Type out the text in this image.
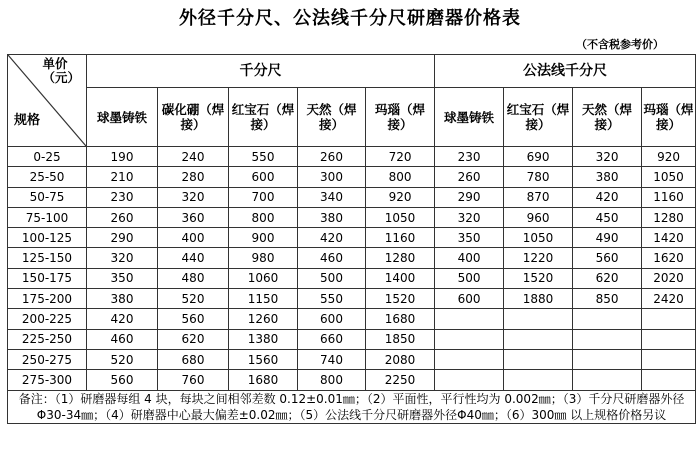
外径千分尺、公法线千分尺研磨器价格表
（不含税参考价）
单价
（元）
规格	千分尺					公法线千分尺			
	球墨铸铁	碳化硼（焊接）	红宝石（焊接）	天然（焊接）	玛瑙（焊接）	球墨铸铁	红宝石（焊接）	天然（焊接）	玛瑙（焊接）
0-25	190	240	550	260	720	230	690	320	920
25-50	210	280	600	300	800	260	780	380	1050
50-75	230	320	700	340	920	290	870	420	1160
75-100	260	360	800	380	1050	320	960	450	1280
100-125	290	400	900	420	1160	350	1050	490	1420
125-150	320	440	980	460	1280	400	1220	560	1620
150-175	350	480	1060	500	1400	500	1520	620	2020
175-200	380	520	1150	550	1520	600	1880	850	2420
200-225	420	560	1260	600	1680				
225-250	460	620	1380	660	1850				
250-275	520	680	1560	740	2080				
275-300	560	760	1680	800	2250				
备注：（1）研磨器每组 4 块，每块之间相邻差数 0.12±0.01㎜；（2）平面性，平行性均为 0.002㎜；（3）千分尺研磨器外径Φ30-34㎜；（4）研磨器中心最大偏差±0.02㎜；（5）公法线千分尺研磨器外径Φ40㎜；（6）300㎜ 以上规格价格另议									
